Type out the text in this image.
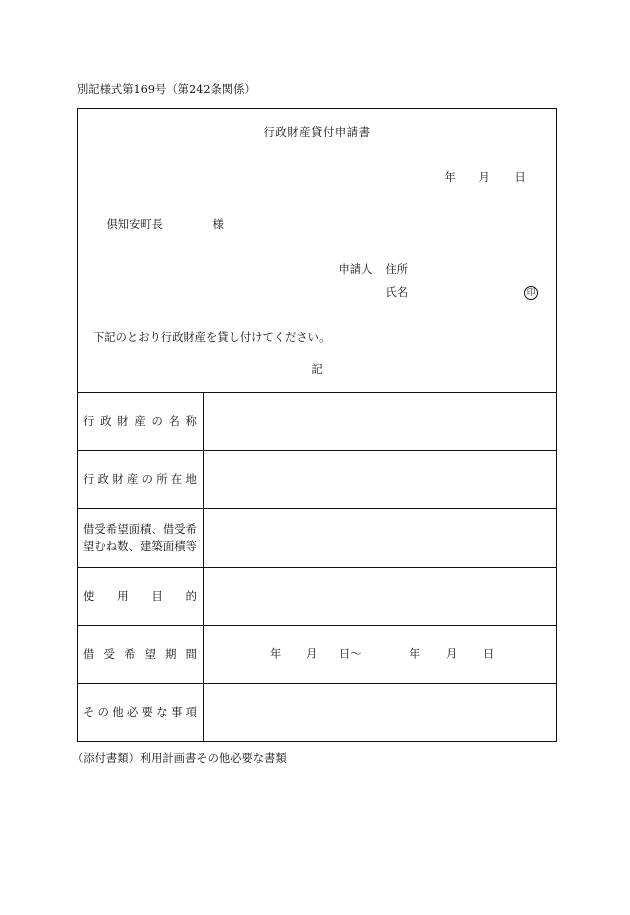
別記様式第169号（第242条関係）
行政財産貸付申請書
年 月 日
倶知安町長	様
申請人 住所
氏名	印
下記のとおり行政財産を貸し付けてください。
記
行 政 財 産 の 名 称
行 政 財 産 の 所 在 地
借 受 希 望 面 積 、 借 受 希
望 む ね 数 、 建 築 面 積 等
使 用 目 的
借 受 希 望 期 間	年 月 日～	年 月 日
そ の 他 必 要 な 事 項
（添付書類）利用計画書その他必要な書類
